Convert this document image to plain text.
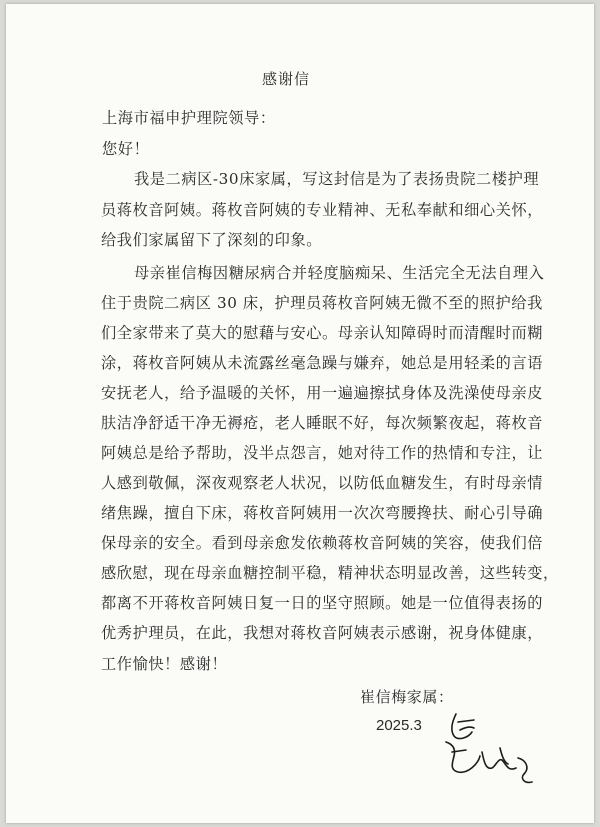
感谢信
上海市福申护理院领导：
您好！
我是二病区-30床家属，写这封信是为了表扬贵院二楼护理
员蒋枚音阿姨。蒋枚音阿姨的专业精神、无私奉献和细心关怀，
给我们家属留下了深刻的印象。
母亲崔信梅因糖尿病合并轻度脑痴呆、生活完全无法自理入
住于贵院二病区 30 床，护理员蒋枚音阿姨无微不至的照护给我
们全家带来了莫大的慰藉与安心。母亲认知障碍时而清醒时而糊
涂，蒋枚音阿姨从未流露丝毫急躁与嫌弃，她总是用轻柔的言语
安抚老人，给予温暖的关怀，用一遍遍擦拭身体及洗澡使母亲皮
肤洁净舒适干净无褥疮，老人睡眠不好，每次频繁夜起，蒋枚音
阿姨总是给予帮助，没半点怨言，她对待工作的热情和专注，让
人感到敬佩，深夜观察老人状况，以防低血糖发生，有时母亲情
绪焦躁，擅自下床，蒋枚音阿姨用一次次弯腰搀扶、耐心引导确
保母亲的安全。看到母亲愈发依赖蒋枚音阿姨的笑容，使我们倍
感欣慰，现在母亲血糖控制平稳，精神状态明显改善，这些转变，
都离不开蒋枚音阿姨日复一日的坚守照顾。她是一位值得表扬的
优秀护理员，在此，我想对蒋枚音阿姨表示感谢，祝身体健康，
工作愉快！感谢！
崔信梅家属：
2025.3
